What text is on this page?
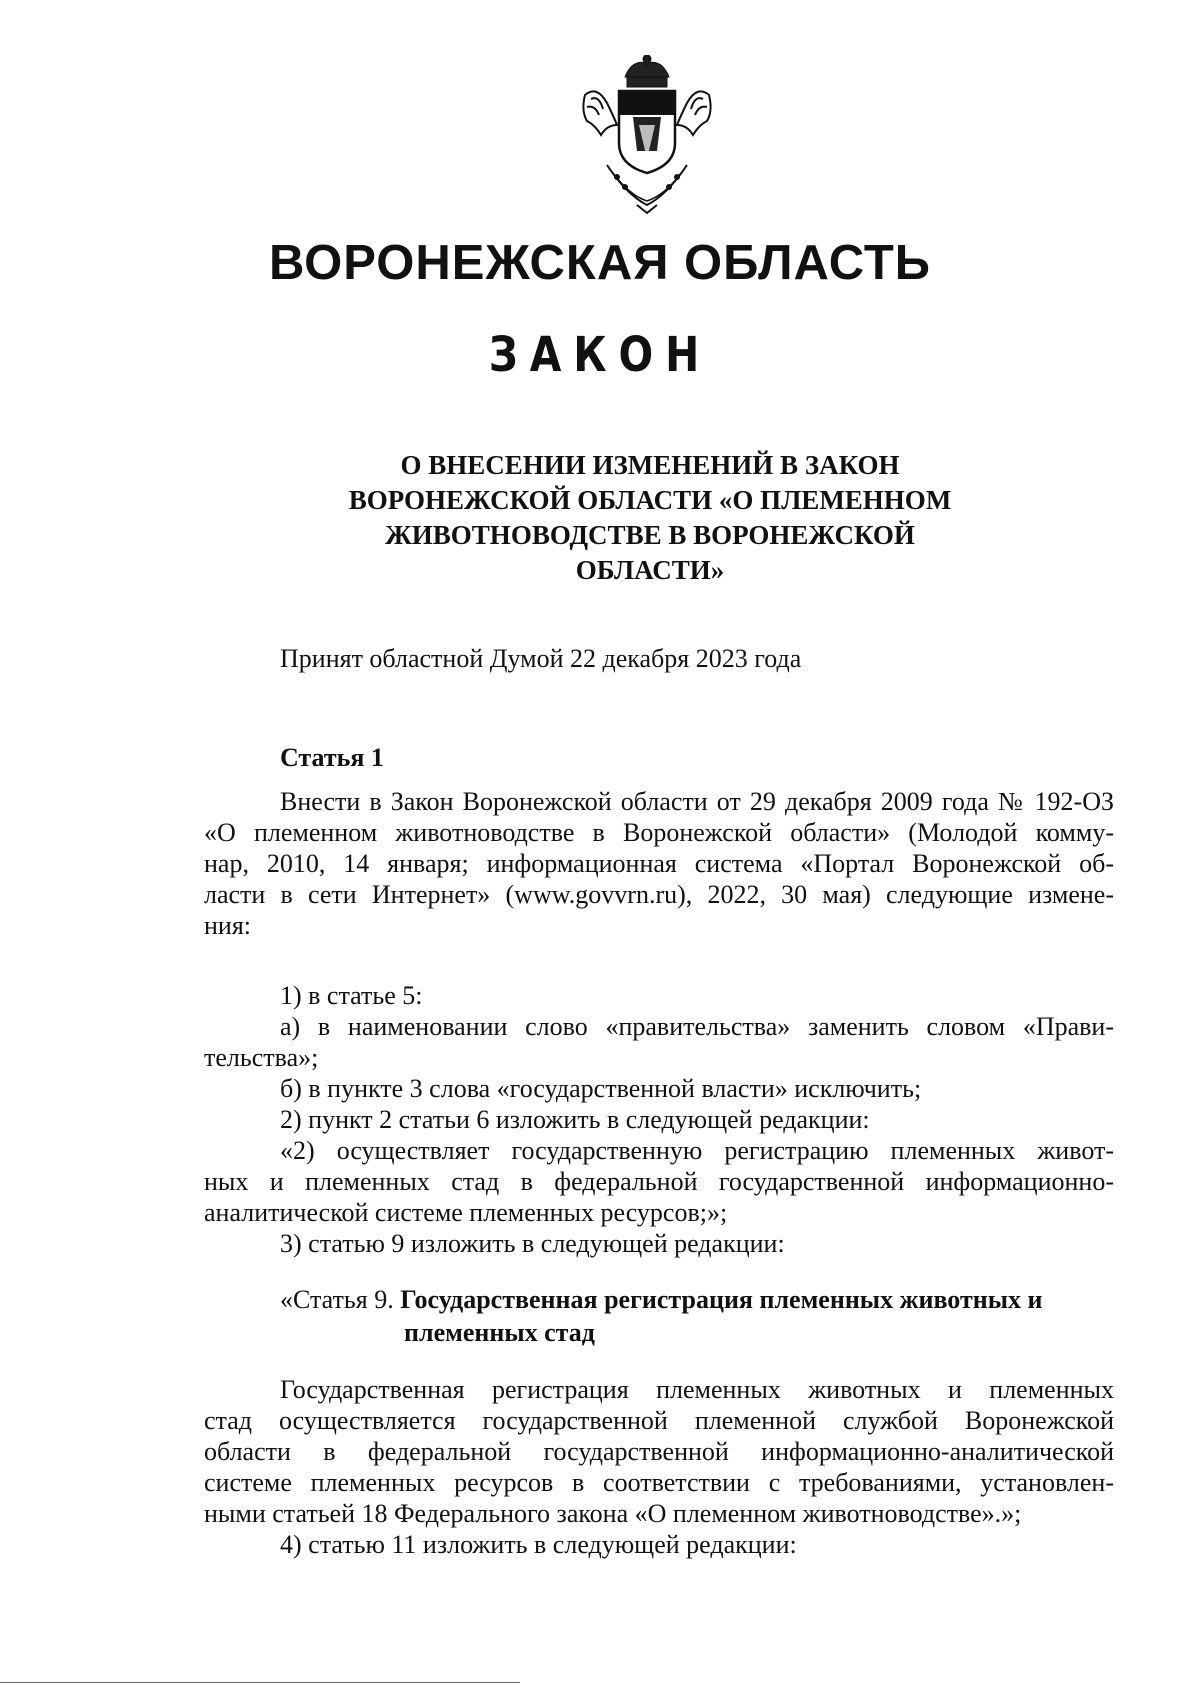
ВОРОНЕЖСКАЯ ОБЛАСТЬ
ЗАКОН
О ВНЕСЕНИИ ИЗМЕНЕНИЙ В ЗАКОН
ВОРОНЕЖСКОЙ ОБЛАСТИ «О ПЛЕМЕННОМ
ЖИВОТНОВОДСТВЕ В ВОРОНЕЖСКОЙ
ОБЛАСТИ»
Принят областной Думой 22 декабря 2023 года
Статья 1
Внести в Закон Воронежской области от 29 декабря 2009 года № 192-ОЗ
«О племенном животноводстве в Воронежской области» (Молодой комму-
нар, 2010, 14 января; информационная система «Портал Воронежской об-
ласти в сети Интернет» (www.govvrn.ru), 2022, 30 мая) следующие измене-
ния:
1) в статье 5:
а) в наименовании слово «правительства» заменить словом «Прави-
тельства»;
б) в пункте 3 слова «государственной власти» исключить;
2) пункт 2 статьи 6 изложить в следующей редакции:
«2) осуществляет государственную регистрацию племенных живот-
ных и племенных стад в федеральной государственной информационно-
аналитической системе племенных ресурсов;»;
3) статью 9 изложить в следующей редакции:
«Статья 9. Государственная регистрация племенных животных и
племенных стад
Государственная регистрация племенных животных и племенных
стад осуществляется государственной племенной службой Воронежской
области в федеральной государственной информационно-аналитической
системе племенных ресурсов в соответствии с требованиями, установлен-
ными статьей 18 Федерального закона «О племенном животноводстве».»;
4) статью 11 изложить в следующей редакции:
